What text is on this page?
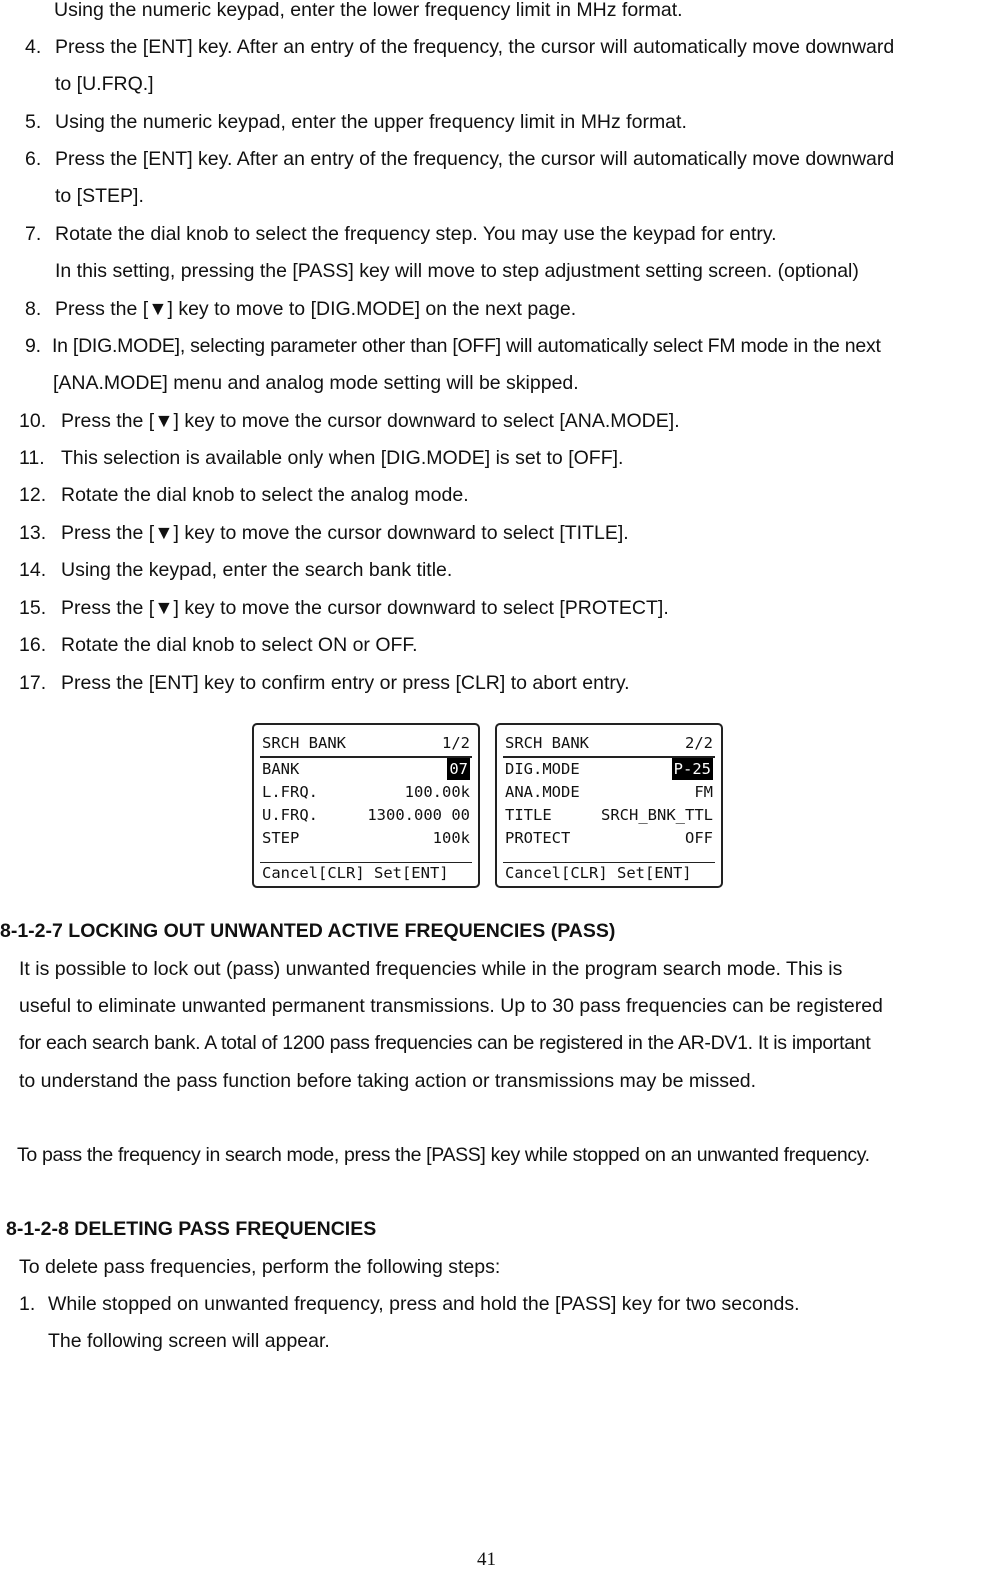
Using the numeric keypad, enter the lower frequency limit in MHz format.
4. Press the [ENT] key. After an entry of the frequency, the cursor will automatically move downward
to [U.FRQ.]
5. Using the numeric keypad, enter the upper frequency limit in MHz format.
6. Press the [ENT] key. After an entry of the frequency, the cursor will automatically move downward
to [STEP].
7. Rotate the dial knob to select the frequency step. You may use the keypad for entry.
In this setting, pressing the [PASS] key will move to step adjustment setting screen. (optional)
8. Press the [▼] key to move to [DIG.MODE] on the next page.
9. In [DIG.MODE], selecting parameter other than [OFF] will automatically select FM mode in the next
[ANA.MODE] menu and analog mode setting will be skipped.
10. Press the [▼] key to move the cursor downward to select [ANA.MODE].
11. This selection is available only when [DIG.MODE] is set to [OFF].
12. Rotate the dial knob to select the analog mode.
13. Press the [▼] key to move the cursor downward to select [TITLE].
14. Using the keypad, enter the search bank title.
15. Press the [▼] key to move the cursor downward to select [PROTECT].
16. Rotate the dial knob to select ON or OFF.
17. Press the [ENT] key to confirm entry or press [CLR] to abort entry.
SRCH BANK	1/2
BANK	07
L.FRQ.	100.00k
U.FRQ.	1300.000 00
STEP	100k
Cancel[CLR] Set[ENT]
SRCH BANK	2/2
DIG.MODE	P-25
ANA.MODE	FM
TITLE	SRCH_BNK_TTL
PROTECT	OFF
Cancel[CLR] Set[ENT]
8-1-2-7 LOCKING OUT UNWANTED ACTIVE FREQUENCIES (PASS)
It is possible to lock out (pass) unwanted frequencies while in the program search mode. This is
useful to eliminate unwanted permanent transmissions. Up to 30 pass frequencies can be registered
for each search bank. A total of 1200 pass frequencies can be registered in the AR-DV1. It is important
to understand the pass function before taking action or transmissions may be missed.
To pass the frequency in search mode, press the [PASS] key while stopped on an unwanted frequency.
8-1-2-8 DELETING PASS FREQUENCIES
To delete pass frequencies, perform the following steps:
1. While stopped on unwanted frequency, press and hold the [PASS] key for two seconds.
The following screen will appear.
41
